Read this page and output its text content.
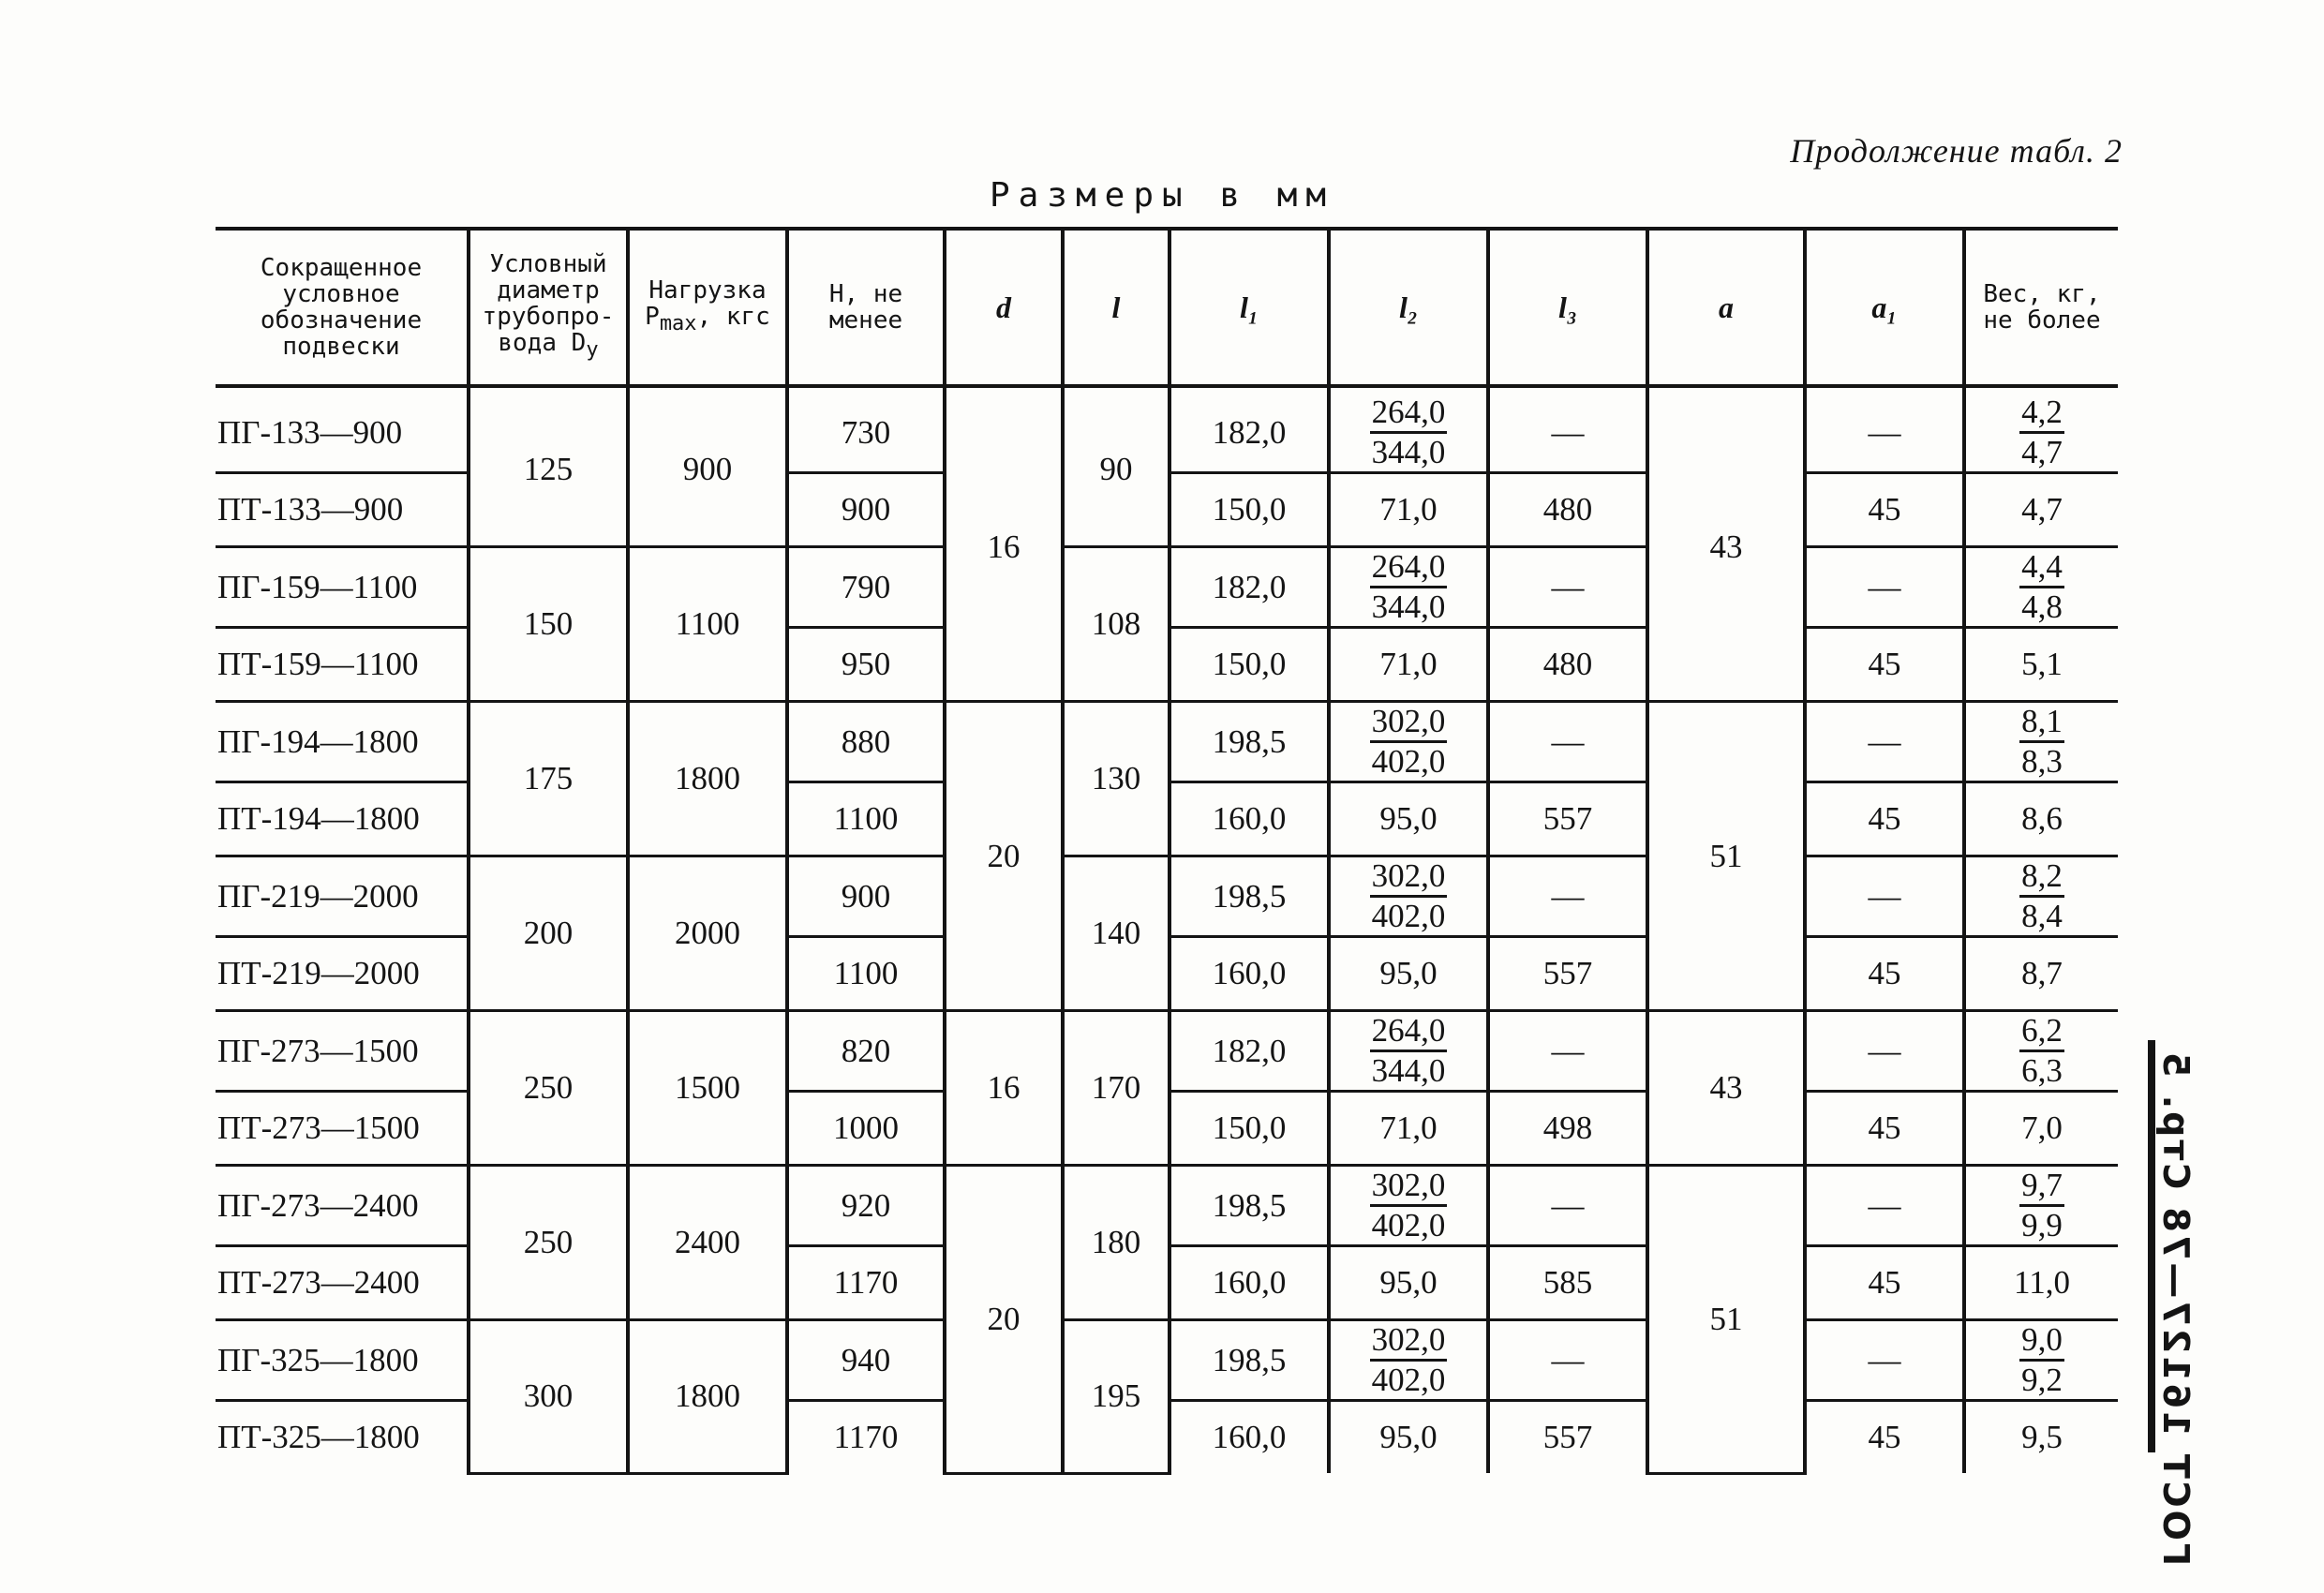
Продолжение табл. 2
Размеры в мм
Сокращенное условное обозначение подвески	Условный диаметр трубопро-вода $D_у$	Нагрузка $P_{max}$, кгс	H, не менее	d	l	l₁	l₂	l₃	a	a₁	Вес, кг, не более
ПГ-133—900	125	900	730	16	90	182,0	$\frac{264,0}{344,0}$	—	43	—	$\frac{4,2}{4,7}$

ПТ-133—900			900			150,0	71,0	480		45	4,7
ПГ-159—1100	150	1100	790		108	182,0	$\frac{264,0}{344,0}$	—		—	$\frac{4,4}{4,8}$

ПТ-159—1100			950			150,0	71,0	480		45	5,1
ПГ-194—1800	175	1800	880	20	130	198,5	$\frac{302,0}{402,0}$	—	51	—	$\frac{8,1}{8,3}$

ПТ-194—1800			1100			160,0	95,0	557		45	8,6
ПГ-219—2000	200	2000	900		140	198,5	$\frac{302,0}{402,0}$	—		—	$\frac{8,2}{8,4}$

ПТ-219—2000			1100			160,0	95,0	557		45	8,7
ПГ-273—1500	250	1500	820	16	170	182,0	$\frac{264,0}{344,0}$	—	43	—	$\frac{6,2}{6,3}$

ПТ-273—1500			1000			150,0	71,0	498		45	7,0
ПГ-273—2400	250	2400	920	20	180	198,5	$\frac{302,0}{402,0}$	—	51	—	$\frac{9,7}{9,9}$

ПТ-273—2400			1170			160,0	95,0	585		45	11,0
ПГ-325—1800	300	1800	940		195	198,5	$\frac{302,0}{402,0}$	—		—	$\frac{9,0}{9,2}$

ПТ-325—1800			1170			160,0	95,0	557		45	9,5	ГОСТ 16127—78 Стр. 5
